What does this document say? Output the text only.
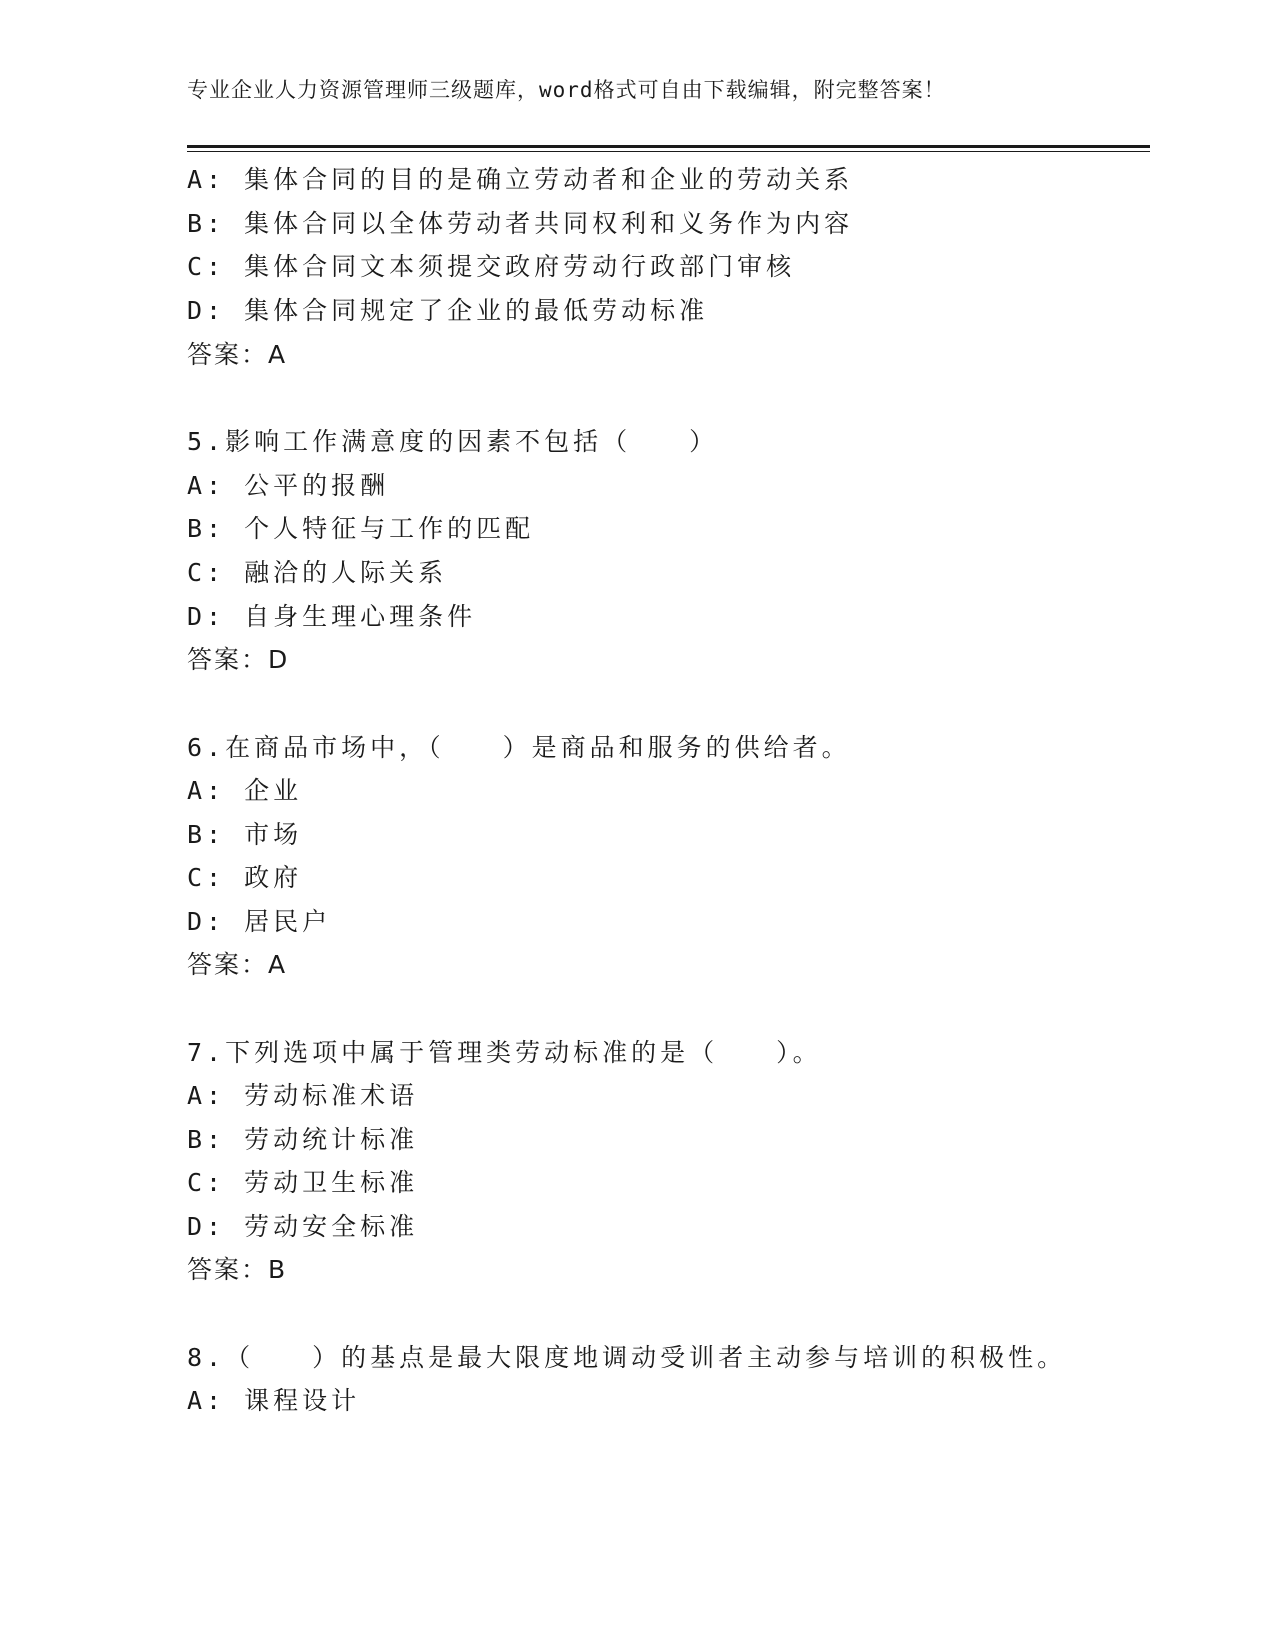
专业企业人力资源管理师三级题库，word格式可自由下载编辑，附完整答案！
A: 集体合同的目的是确立劳动者和企业的劳动关系
B: 集体合同以全体劳动者共同权利和义务作为内容
C: 集体合同文本须提交政府劳动行政部门审核
D: 集体合同规定了企业的最低劳动标准
答案：A
5.影响工作满意度的因素不包括（　　）
A: 公平的报酬
B: 个人特征与工作的匹配
C: 融洽的人际关系
D: 自身生理心理条件
答案：D
6.在商品市场中，（　　）是商品和服务的供给者。
A: 企业
B: 市场
C: 政府
D: 居民户
答案：A
7.下列选项中属于管理类劳动标准的是（　　）。
A: 劳动标准术语
B: 劳动统计标准
C: 劳动卫生标准
D: 劳动安全标准
答案：B
8.（　　）的基点是最大限度地调动受训者主动参与培训的积极性。
A: 课程设计
